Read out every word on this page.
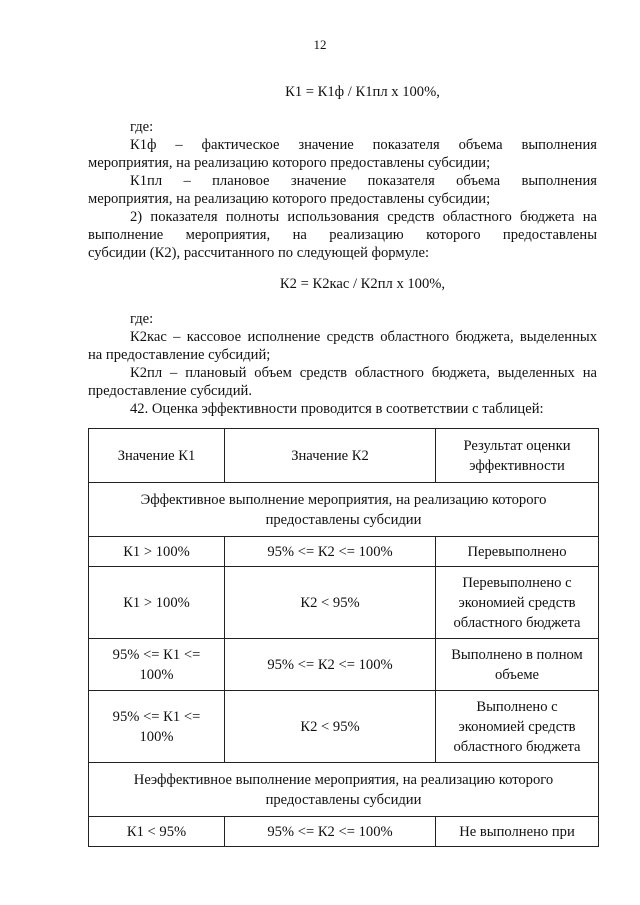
12
К1 = К1ф / К1пл x 100%,
где:
К1ф – фактическое значение показателя объема выполнения
мероприятия, на реализацию которого предоставлены субсидии;
К1пл – плановое значение показателя объема выполнения
мероприятия, на реализацию которого предоставлены субсидии;
2) показателя полноты использования средств областного бюджета на
выполнение мероприятия, на реализацию которого предоставлены
субсидии (К2), рассчитанного по следующей формуле:
К2 = К2кас / К2пл x 100%,
где:
К2кас – кассовое исполнение средств областного бюджета, выделенных
на предоставление субсидий;
К2пл – плановый объем средств областного бюджета, выделенных на
предоставление субсидий.
42. Оценка эффективности проводится в соответствии с таблицей:
Значение К1	Значение К2	Результат оценки
эффективности
Эффективное выполнение мероприятия, на реализацию которого
предоставлены субсидии		
К1 > 100%	95% <= К2 <= 100%	Перевыполнено
К1 > 100%	К2 < 95%	Перевыполнено с
экономией средств
областного бюджета
95% <= К1 <=
100%	95% <= К2 <= 100%	Выполнено в полном
объеме
95% <= К1 <=
100%	К2 < 95%	Выполнено с
экономией средств
областного бюджета
Неэффективное выполнение мероприятия, на реализацию которого
предоставлены субсидии		
К1 < 95%	95% <= К2 <= 100%	Не выполнено при
